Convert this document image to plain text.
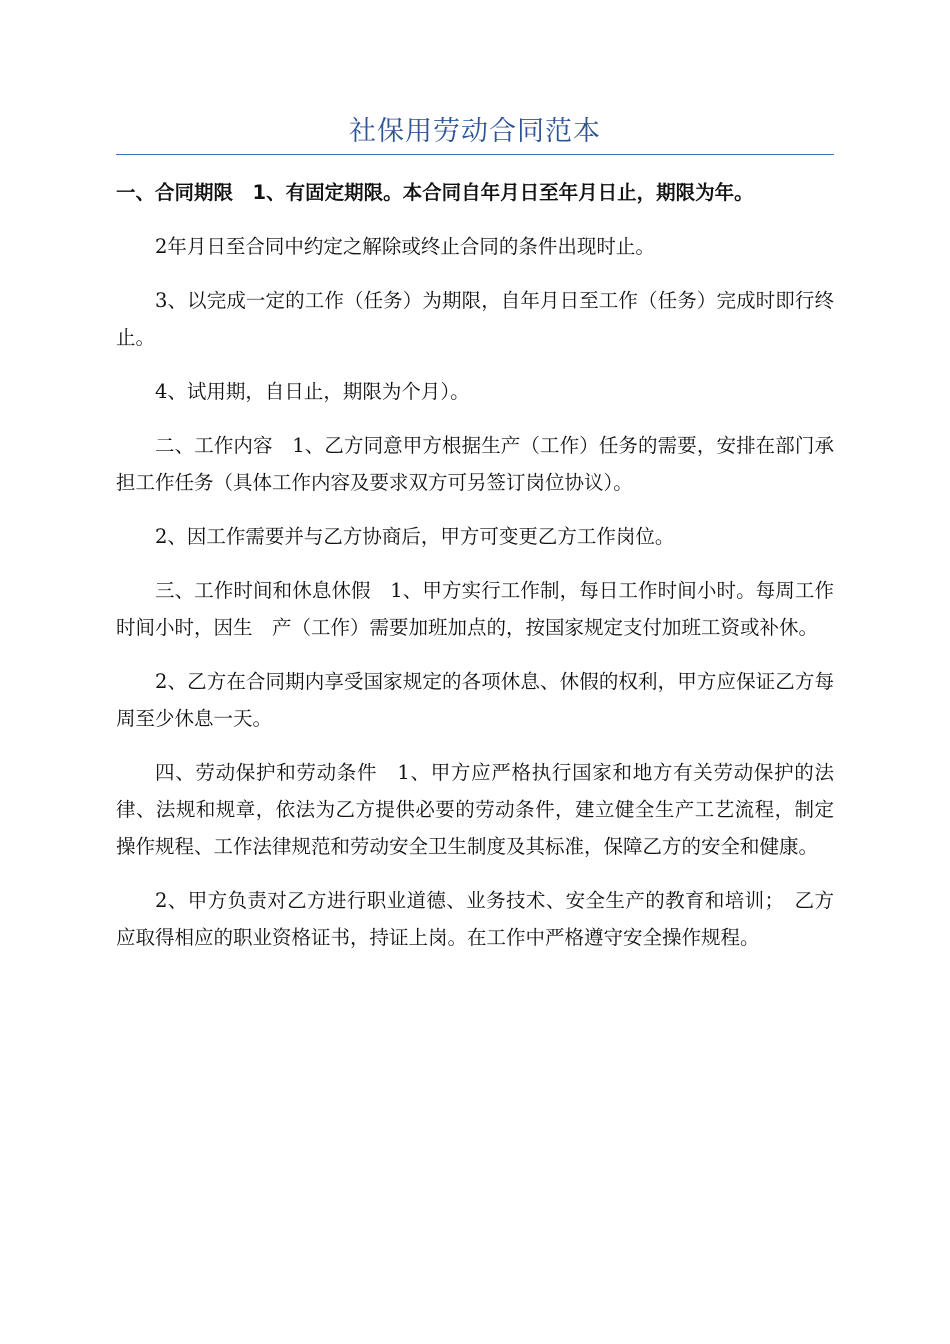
社保用劳动合同范本

一、合同期限　1、有固定期限。本合同自年月日至年月日止，期限为年。

2年月日至合同中约定之解除或终止合同的条件出现时止。

3、以完成一定的工作（任务）为期限，自年月日至工作（任务）完成时即行终止。

4、试用期，自日止，期限为个月）。

二、工作内容　1、乙方同意甲方根据生产（工作）任务的需要，安排在部门承担工作任务（具体工作内容及要求双方可另签订岗位协议）。

2、因工作需要并与乙方协商后，甲方可变更乙方工作岗位。

三、工作时间和休息休假　1、甲方实行工作制，每日工作时间小时。每周工作时间小时，因生　产（工作）需要加班加点的，按国家规定支付加班工资或补休。

2、乙方在合同期内享受国家规定的各项休息、休假的权利，甲方应保证乙方每周至少休息一天。

四、劳动保护和劳动条件　1、甲方应严格执行国家和地方有关劳动保护的法律、法规和规章，依法为乙方提供必要的劳动条件，建立健全生产工艺流程，制定操作规程、工作法律规范和劳动安全卫生制度及其标准，保障乙方的安全和健康。

2、甲方负责对乙方进行职业道德、业务技术、安全生产的教育和培训；　乙方应取得相应的职业资格证书，持证上岗。在工作中严格遵守安全操作规程。
